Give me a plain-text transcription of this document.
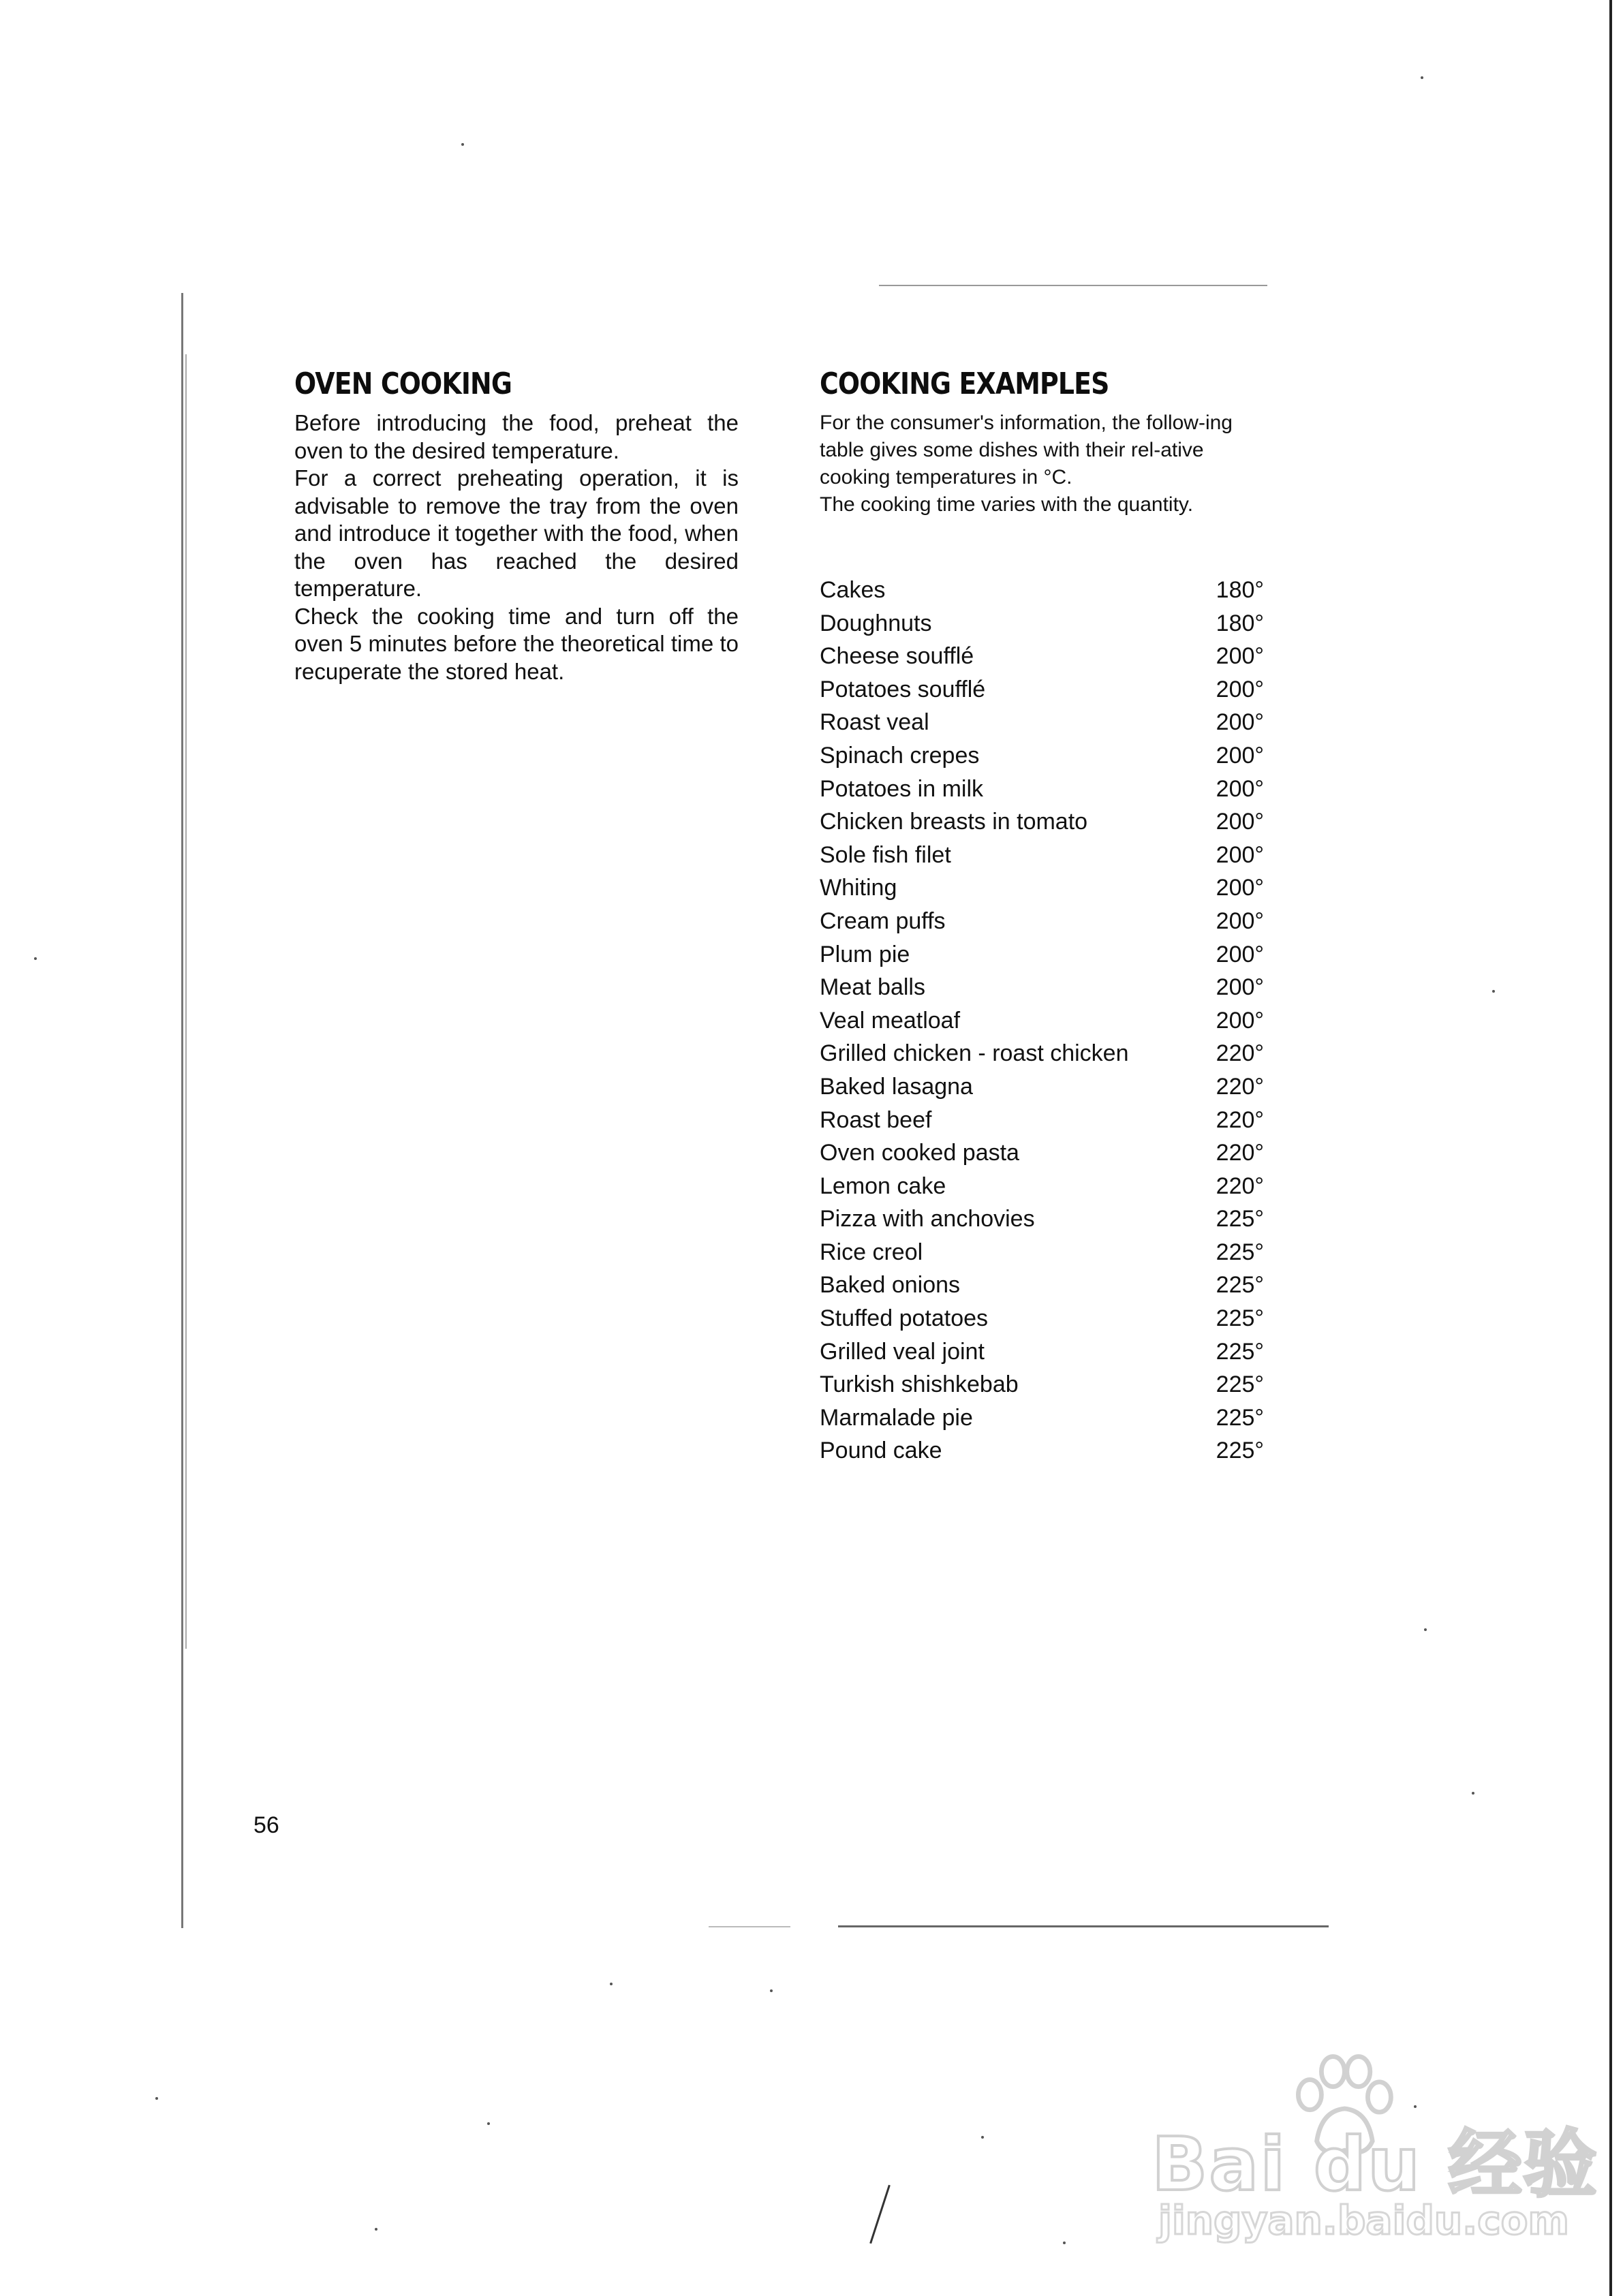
OVEN COOKING

Before introducing the food, preheat the oven to the desired temperature.

For a correct preheating operation, it is advisable to remove the tray from the oven and introduce it together with the food, when the oven has reached the desired temperature.

Check the cooking time and turn off the oven 5 minutes before the theoretical time to recuperate the stored heat.

COOKING EXAMPLES

For the consumer's information, the follow-ing table gives some dishes with their rel-ative cooking temperatures in °C.

The cooking time varies with the quantity.

Cakes	180°
Doughnuts	180°
Cheese soufflé	200°
Potatoes soufflé	200°
Roast veal	200°
Spinach crepes	200°
Potatoes in milk	200°
Chicken breasts in tomato	200°
Sole fish filet	200°
Whiting	200°
Cream puffs	200°
Plum pie	200°
Meat balls	200°
Veal meatloaf	200°
Grilled chicken - roast chicken	220°
Baked lasagna	220°
Roast beef	220°
Oven cooked pasta	220°
Lemon cake	220°
Pizza with anchovies	225°
Rice creol	225°
Baked onions	225°
Stuffed potatoes	225°
Grilled veal joint	225°
Turkish shishkebab	225°
Marmalade pie	225°
Pound cake	225°
56
Bai du 经验
jingyan.baidu.com
